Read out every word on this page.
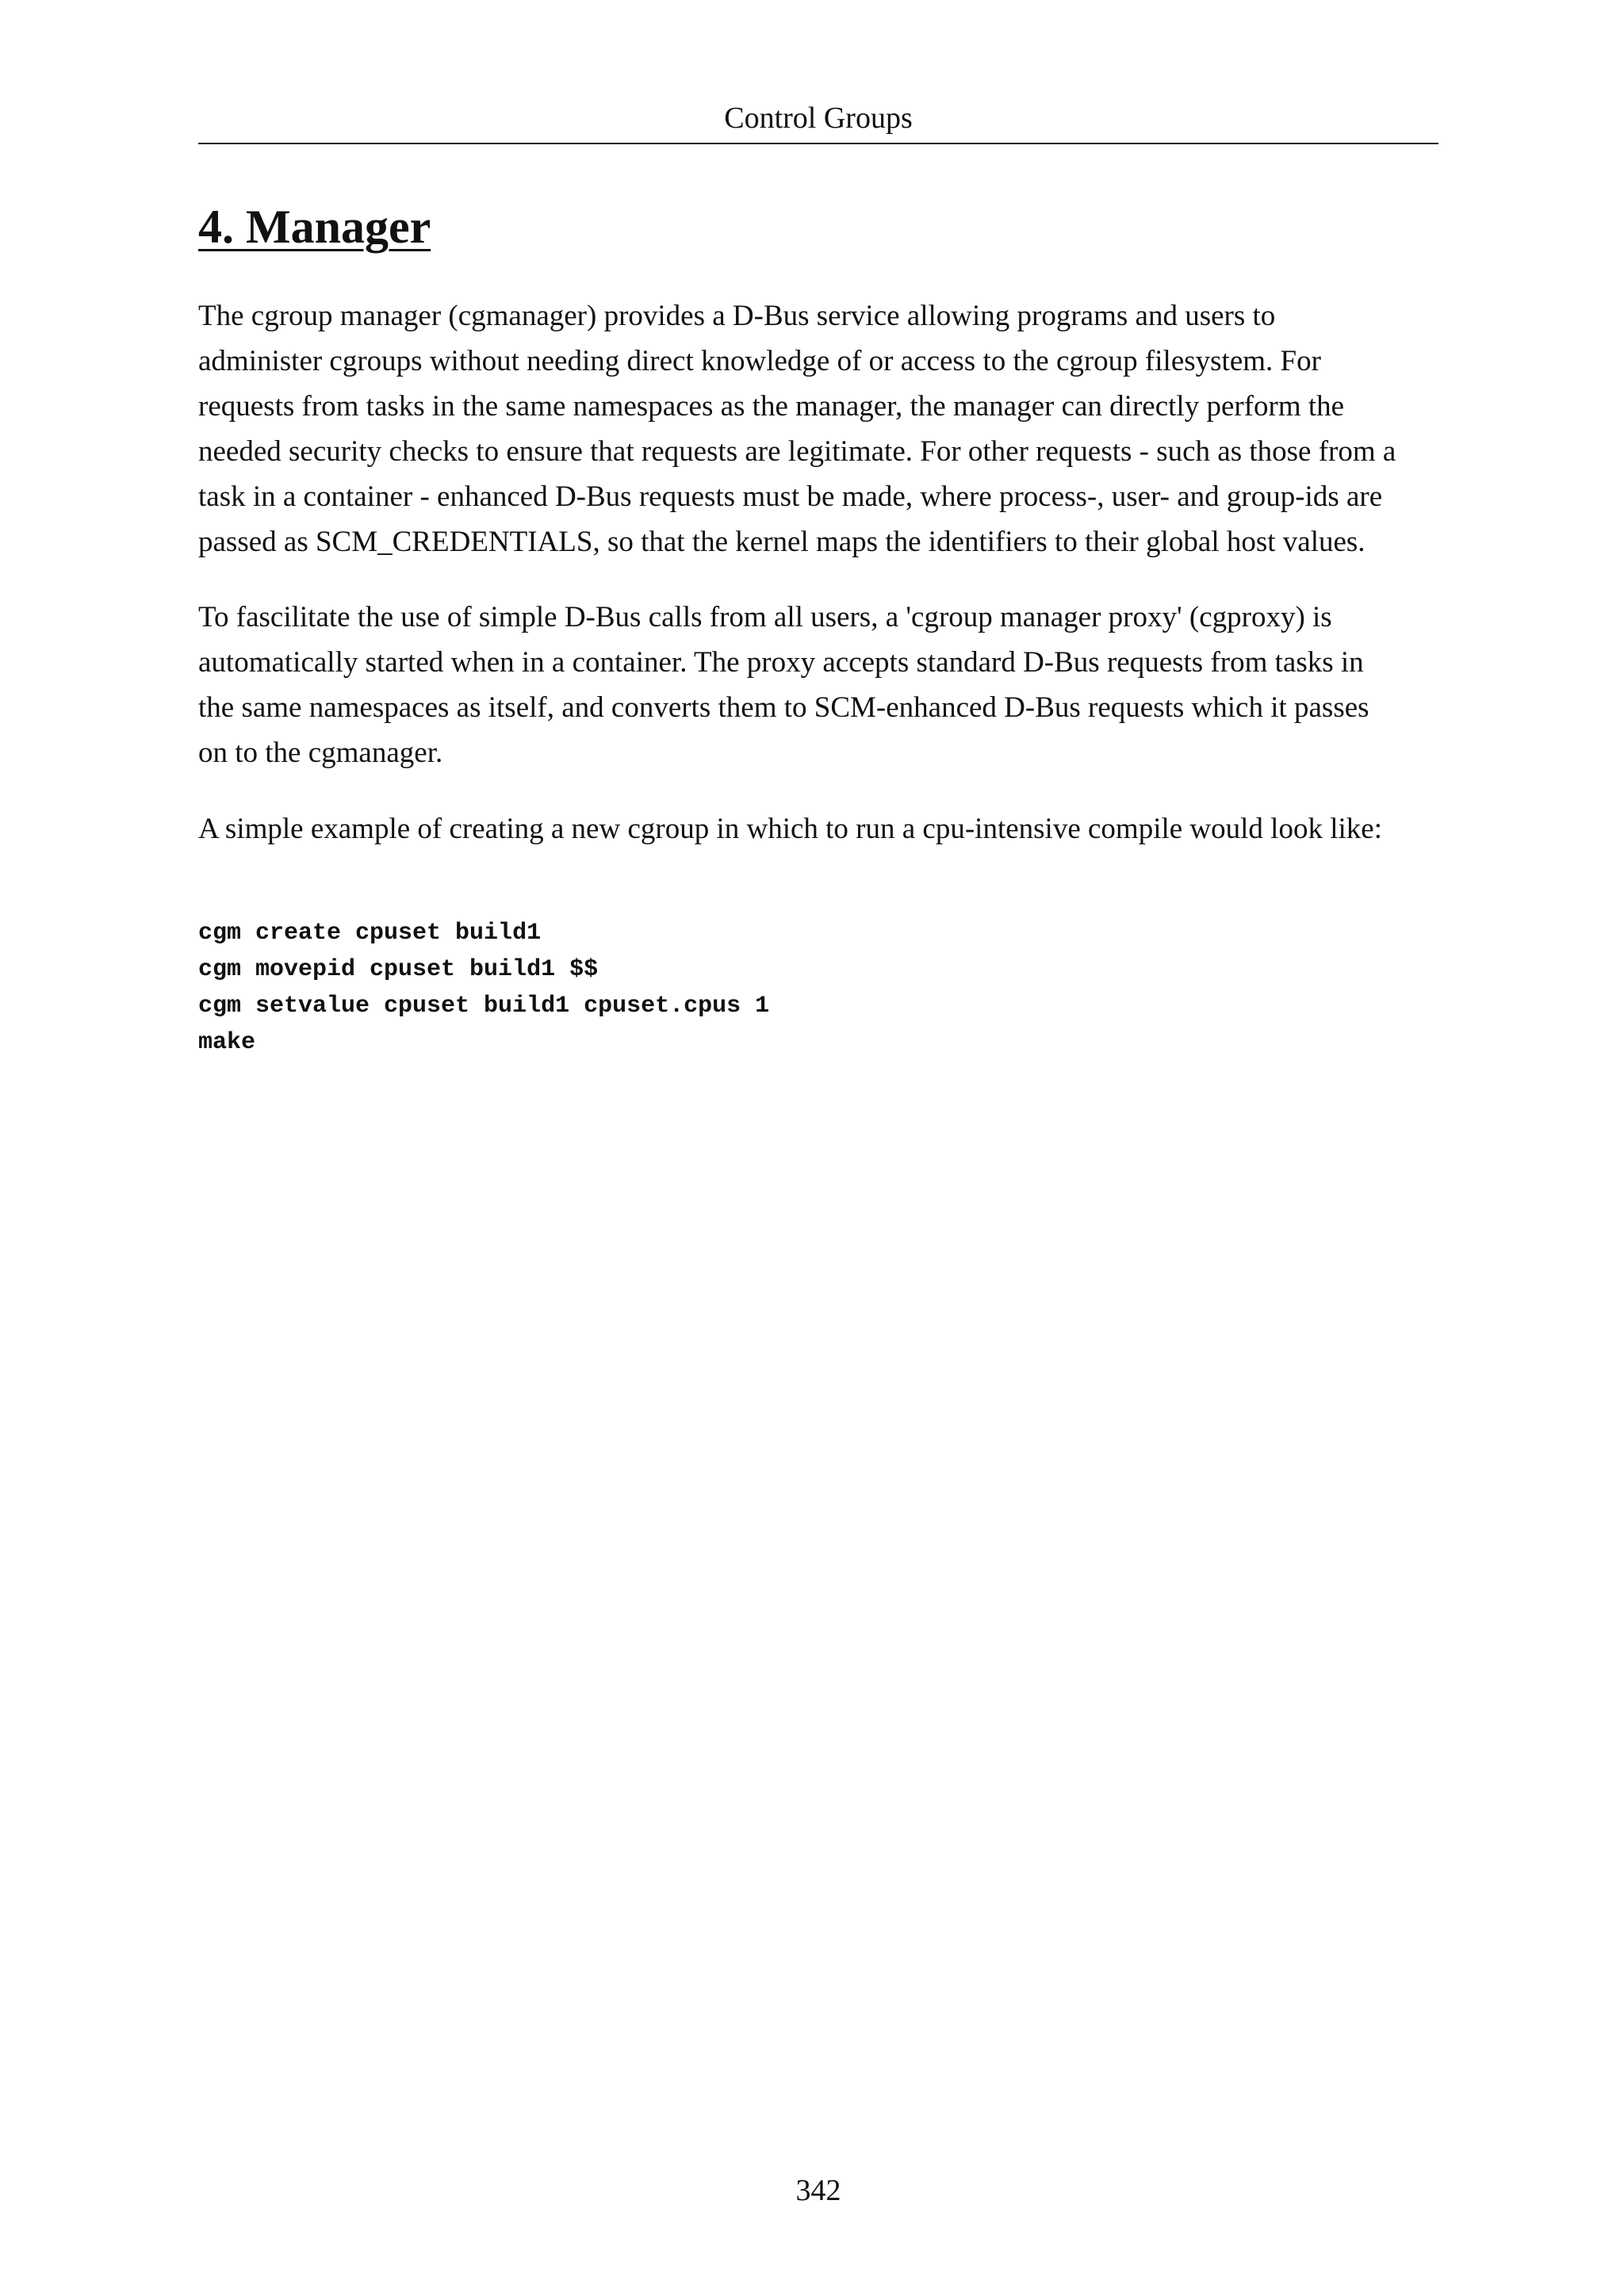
Control Groups
4. Manager

The cgroup manager (cgmanager) provides a D-Bus service allowing programs and users to
administer cgroups without needing direct knowledge of or access to the cgroup filesystem. For
requests from tasks in the same namespaces as the manager, the manager can directly perform the
needed security checks to ensure that requests are legitimate. For other requests - such as those from a
task in a container - enhanced D-Bus requests must be made, where process-, user- and group-ids are
passed as SCM_CREDENTIALS, so that the kernel maps the identifiers to their global host values.

To fascilitate the use of simple D-Bus calls from all users, a 'cgroup manager proxy' (cgproxy) is
automatically started when in a container. The proxy accepts standard D-Bus requests from tasks in
the same namespaces as itself, and converts them to SCM-enhanced D-Bus requests which it passes
on to the cgmanager.

A simple example of creating a new cgroup in which to run a cpu-intensive compile would look like:

cgm create cpuset build1
cgm movepid cpuset build1 $$
cgm setvalue cpuset build1 cpuset.cpus 1
make
342
